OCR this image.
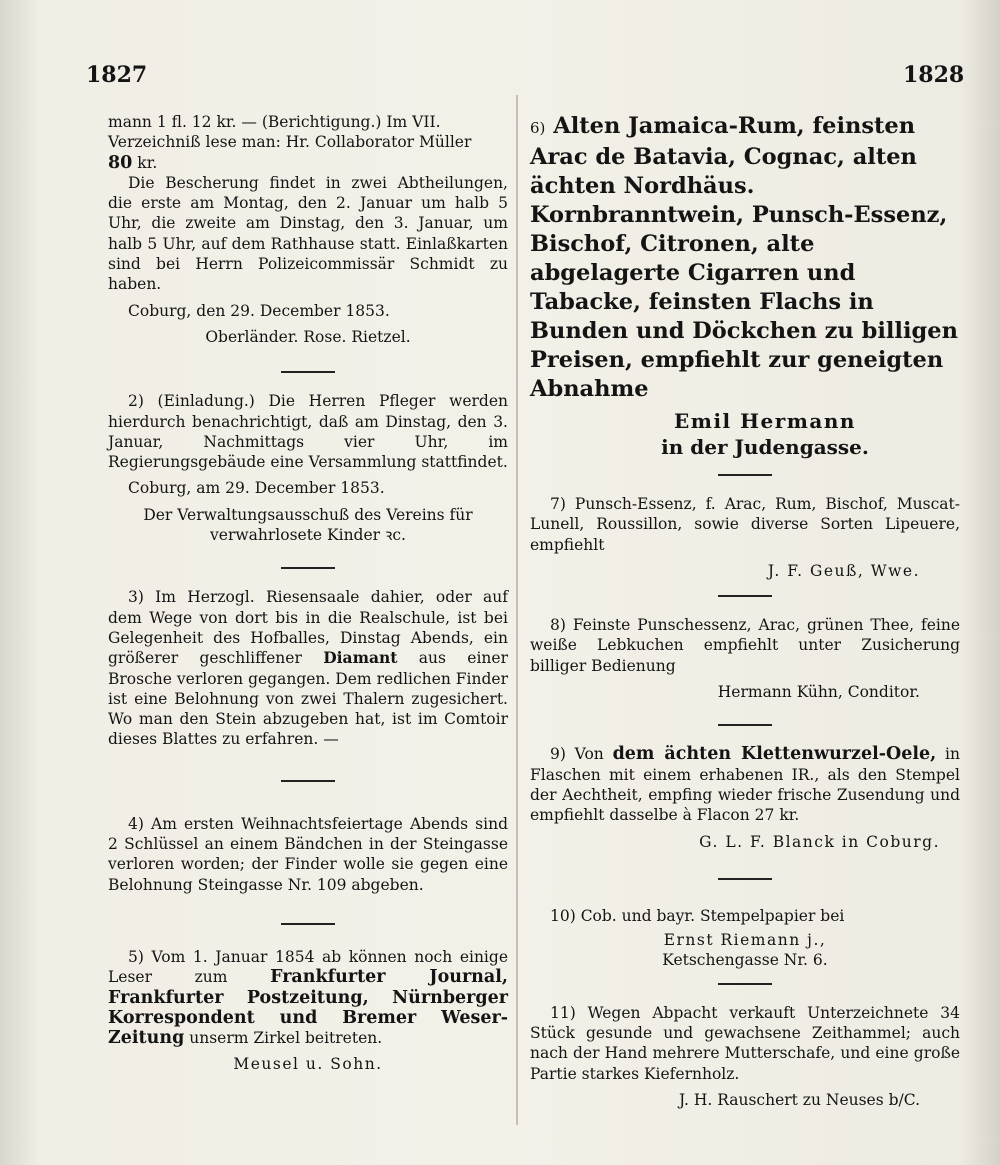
1827	1828

mann 1 fl. 12 kr. — (Berichtigung.) Im VII.

Verzeichniß lese man: Hr. Collaborator Müller

80 kr.

Die Bescherung findet in zwei Abtheilungen, die erste am Montag, den 2. Januar um halb 5 Uhr, die zweite am Dinstag, den 3. Januar, um halb 5 Uhr, auf dem Rathhause statt. Einlaßkarten sind bei Herrn Polizeicommissär Schmidt zu haben.

Coburg, den 29. December 1853.

Oberländer. Rose. Rietzel.

2) (Einladung.) Die Herren Pfleger werden hierdurch benachrichtigt, daß am Dinstag, den 3. Januar, Nachmittags vier Uhr, im Regierungsgebäude eine Versammlung stattfindet.

Coburg, am 29. December 1853.

Der Verwaltungsausschuß des Vereins für verwahrlosete Kinder ꝛc.

3) Im Herzogl. Riesensaale dahier, oder auf dem Wege von dort bis in die Realschule, ist bei Gelegenheit des Hofballes, Dinstag Abends, ein größerer geschliffener Diamant aus einer Brosche verloren gegangen. Dem redlichen Finder ist eine Belohnung von zwei Thalern zugesichert. Wo man den Stein abzugeben hat, ist im Comtoir dieses Blattes zu erfahren. —

4) Am ersten Weihnachtsfeiertage Abends sind 2 Schlüssel an einem Bändchen in der Steingasse verloren worden; der Finder wolle sie gegen eine Belohnung Steingasse Nr. 109 abgeben.

5) Vom 1. Januar 1854 ab können noch einige Leser zum Frankfurter Journal, Frankfurter Postzeitung, Nürnberger Korrespondent und Bremer Weser-Zeitung unserm Zirkel beitreten.

Meusel u. Sohn.

6) Alten Jamaica-Rum, feinsten Arac de Batavia, Cognac, alten ächten Nordhäus. Kornbranntwein, Punsch-Essenz, Bischof, Citronen, alte abgelagerte Cigarren und Tabacke, feinsten Flachs in Bunden und Döckchen zu billigen Preisen, empfiehlt zur geneigten Abnahme

Emil Hermann

in der Judengasse.

7) Punsch-Essenz, f. Arac, Rum, Bischof, Muscat-Lunell, Roussillon, sowie diverse Sorten Lipeuere, empfiehlt

J. F. Geuß, Wwe.

8) Feinste Punschessenz, Arac, grünen Thee, feine weiße Lebkuchen empfiehlt unter Zusicherung billiger Bedienung

Hermann Kühn, Conditor.

9) Von dem ächten Klettenwurzel-Oele, in Flaschen mit einem erhabenen IR., als den Stempel der Aechtheit, empfing wieder frische Zusendung und empfiehlt dasselbe à Flacon 27 kr.

G. L. F. Blanck in Coburg.

10) Cob. und bayr. Stempelpapier bei

Ernst Riemann j.,

Ketschengasse Nr. 6.

11) Wegen Abpacht verkauft Unterzeichnete 34 Stück gesunde und gewachsene Zeithammel; auch nach der Hand mehrere Mutterschafe, und eine große Partie starkes Kiefernholz.

J. H. Rauschert zu Neuses b/C.
